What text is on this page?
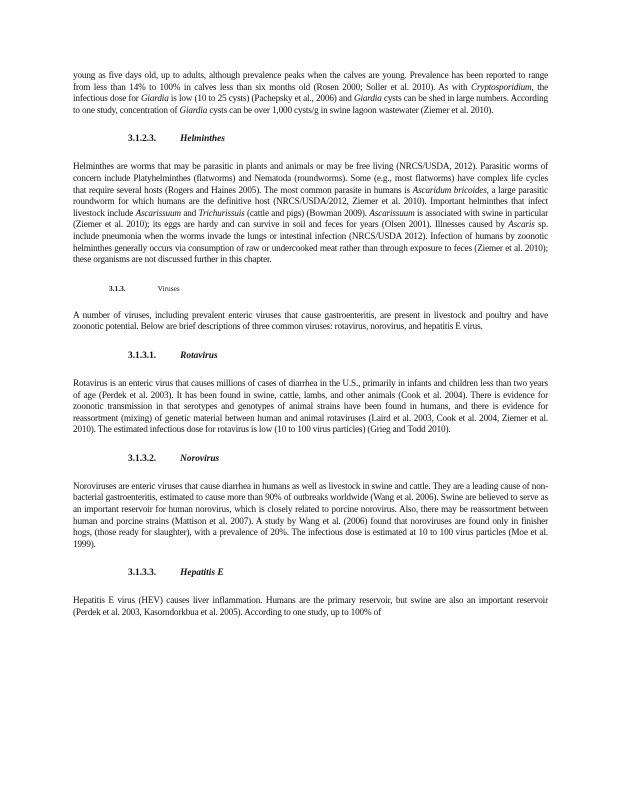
young as five days old, up to adults, although prevalence peaks when the calves are young. Prevalence has been reported to range from less than 14% to 100% in calves less than six months old (Rosen 2000; Soller et al. 2010). As with Cryptosporidium, the infectious dose for Giardia is low (10 to 25 cysts) (Pachepsky et al., 2006) and Giardia cysts can be shed in large numbers. According to one study, concentration of Giardia cysts can be over 1,000 cysts/g in swine lagoon wastewater (Ziemer et al. 2010).

3.1.2.3.	Helminthes

Helminthes are worms that may be parasitic in plants and animals or may be free living (NRCS/USDA, 2012). Parasitic worms of concern include Platyhelminthes (flatworms) and Nematoda (roundworms). Some (e.g., most flatworms) have complex life cycles that require several hosts (Rogers and Haines 2005). The most common parasite in humans is Ascaridum bricoides, a large parasitic roundworm for which humans are the definitive host (NRCS/USDA/2012, Ziemer et al. 2010). Important helminthes that infect livestock include Ascarissuum and Trichurissuis (cattle and pigs) (Bowman 2009). Ascarissuum is associated with swine in particular (Ziemer et al. 2010); its eggs are hardy and can survive in soil and feces for years (Olsen 2001). Illnesses caused by Ascaris sp. include pneumonia when the worms invade the lungs or intestinal infection (NRCS/USDA 2012). Infection of humans by zoonotic helminthes generally occurs via consumption of raw or undercooked meat rather than through exposure to feces (Ziemer et al. 2010); these organisms are not discussed further in this chapter.

3.1.3.	Viruses

A number of viruses, including prevalent enteric viruses that cause gastroenteritis, are present in livestock and poultry and have zoonotic potential. Below are brief descriptions of three common viruses: rotavirus, norovirus, and hepatitis E virus.

3.1.3.1.	Rotavirus

Rotavirus is an enteric virus that causes millions of cases of diarrhea in the U.S., primarily in infants and children less than two years of age (Perdek et al. 2003). It has been found in swine, cattle, lambs, and other animals (Cook et al. 2004). There is evidence for zoonotic transmission in that serotypes and genotypes of animal strains have been found in humans, and there is evidence for reassortment (mixing) of genetic material between human and animal rotaviruses (Laird et al. 2003, Cook et al. 2004, Ziemer et al. 2010). The estimated infectious dose for rotavirus is low (10 to 100 virus particles) (Grieg and Todd 2010).

3.1.3.2.	Norovirus

Noroviruses are enteric viruses that cause diarrhea in humans as well as livestock in swine and cattle. They are a leading cause of non-bacterial gastroenteritis, estimated to cause more than 90% of outbreaks worldwide (Wang et al. 2006). Swine are believed to serve as an important reservoir for human norovirus, which is closely related to porcine norovirus. Also, there may be reassortment between human and porcine strains (Mattison et al. 2007). A study by Wang et al. (2006) found that noroviruses are found only in finisher hogs, (those ready for slaughter), with a prevalence of 20%. The infectious dose is estimated at 10 to 100 virus particles (Moe et al. 1999).

3.1.3.3.	Hepatitis E

Hepatitis E virus (HEV) causes liver inflammation. Humans are the primary reservoir, but swine are also an important reservoir (Perdek et al. 2003, Kasorndorkbua et al. 2005). According to one study, up to 100% of
